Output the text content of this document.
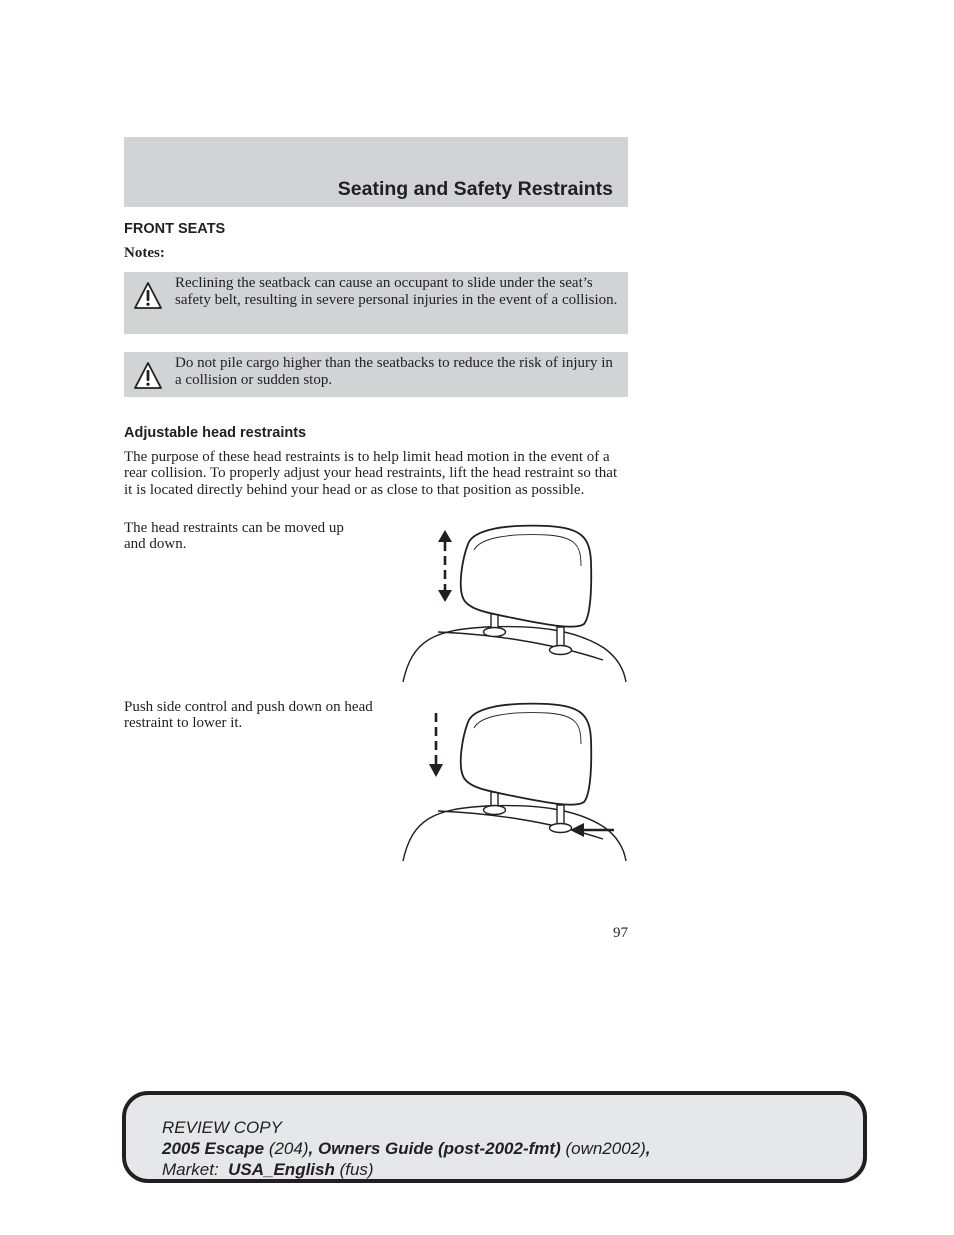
Seating and Safety Restraints
FRONT SEATS
Notes:
Reclining the seatback can cause an occupant to slide under the seat’s safety belt, resulting in severe personal injuries in the event of a collision.
Do not pile cargo higher than the seatbacks to reduce the risk of injury in a collision or sudden stop.
Adjustable head restraints
The purpose of these head restraints is to help limit head motion in the event of a rear collision. To properly adjust your head restraints, lift the head restraint so that it is located directly behind your head or as close to that position as possible.
The head restraints can be moved up and down.
Push side control and push down on head restraint to lower it.
97
REVIEW COPY
2005 Escape (204), Owners Guide (post-2002-fmt) (own2002),
Market:  USA_English (fus)
